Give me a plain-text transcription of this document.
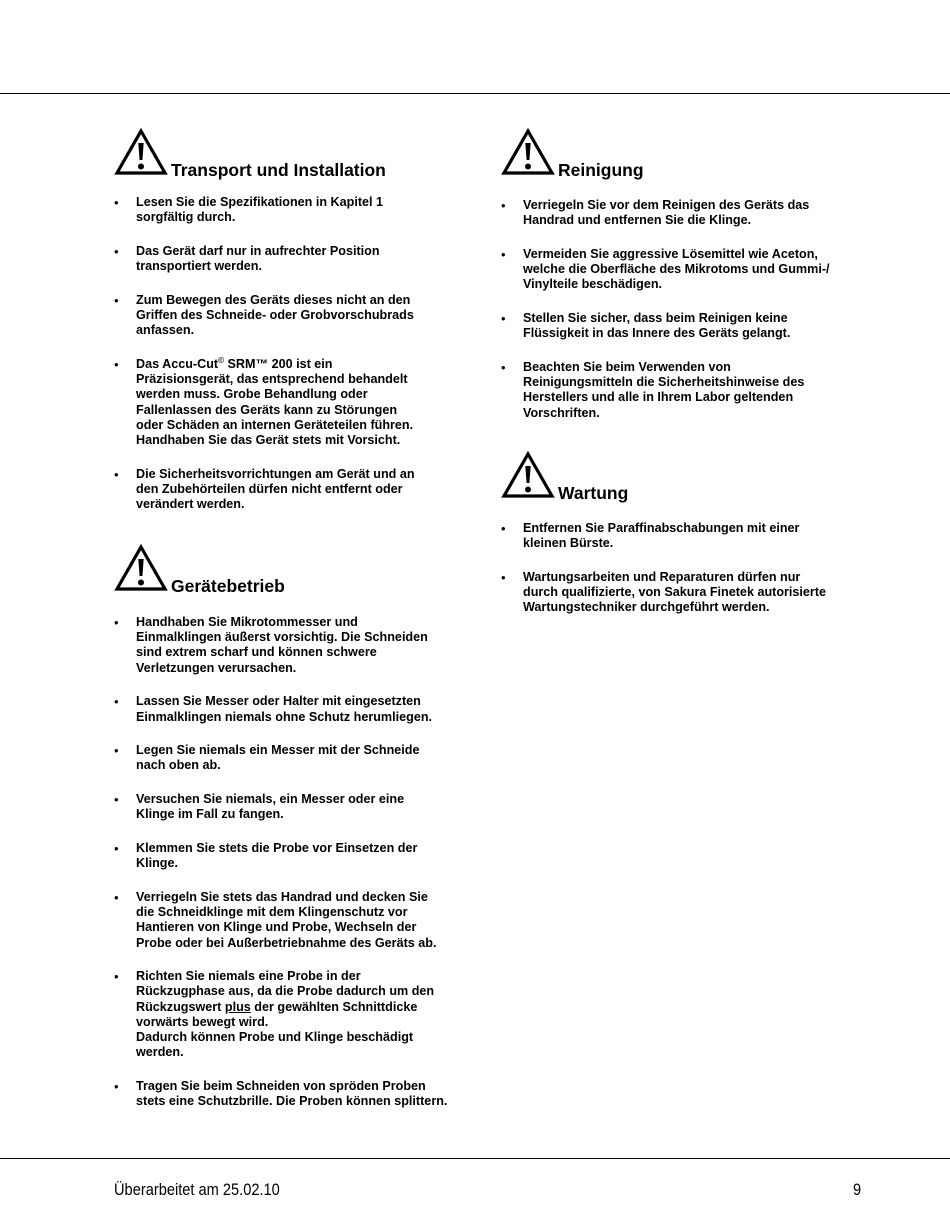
Transport und Installation
• Lesen Sie die Spezifikationen in Kapitel 1
sorgfältig durch.
• Das Gerät darf nur in aufrechter Position
transportiert werden.
• Zum Bewegen des Geräts dieses nicht an den
Griffen des Schneide- oder Grobvorschubrads
anfassen.
• Das Accu-Cut© SRM™ 200 ist ein
Präzisionsgerät, das entsprechend behandelt
werden muss. Grobe Behandlung oder
Fallenlassen des Geräts kann zu Störungen
oder Schäden an internen Geräteteilen führen.
Handhaben Sie das Gerät stets mit Vorsicht.
• Die Sicherheitsvorrichtungen am Gerät und an
den Zubehörteilen dürfen nicht entfernt oder
verändert werden.
Gerätebetrieb
• Handhaben Sie Mikrotommesser und
Einmalklingen äußerst vorsichtig. Die Schneiden
sind extrem scharf und können schwere
Verletzungen verursachen.
• Lassen Sie Messer oder Halter mit eingesetzten
Einmalklingen niemals ohne Schutz herumliegen.
• Legen Sie niemals ein Messer mit der Schneide
nach oben ab.
• Versuchen Sie niemals, ein Messer oder eine
Klinge im Fall zu fangen.
• Klemmen Sie stets die Probe vor Einsetzen der
Klinge.
• Verriegeln Sie stets das Handrad und decken Sie
die Schneidklinge mit dem Klingenschutz vor
Hantieren von Klinge und Probe, Wechseln der
Probe oder bei Außerbetriebnahme des Geräts ab.
• Richten Sie niemals eine Probe in der
Rückzugphase aus, da die Probe dadurch um den
Rückzugswert plus der gewählten Schnittdicke
vorwärts bewegt wird.
Dadurch können Probe und Klinge beschädigt
werden.
• Tragen Sie beim Schneiden von spröden Proben
stets eine Schutzbrille. Die Proben können splittern.
Reinigung
• Verriegeln Sie vor dem Reinigen des Geräts das
Handrad und entfernen Sie die Klinge.
• Vermeiden Sie aggressive Lösemittel wie Aceton,
welche die Oberfläche des Mikrotoms und Gummi-/
Vinylteile beschädigen.
• Stellen Sie sicher, dass beim Reinigen keine
Flüssigkeit in das Innere des Geräts gelangt.
• Beachten Sie beim Verwenden von
Reinigungsmitteln die Sicherheitshinweise des
Herstellers und alle in Ihrem Labor geltenden
Vorschriften.
Wartung
• Entfernen Sie Paraffinabschabungen mit einer
kleinen Bürste.
• Wartungsarbeiten und Reparaturen dürfen nur
durch qualifizierte, von Sakura Finetek autorisierte
Wartungstechniker durchgeführt werden.
Überarbeitet am 25.02.10	9
